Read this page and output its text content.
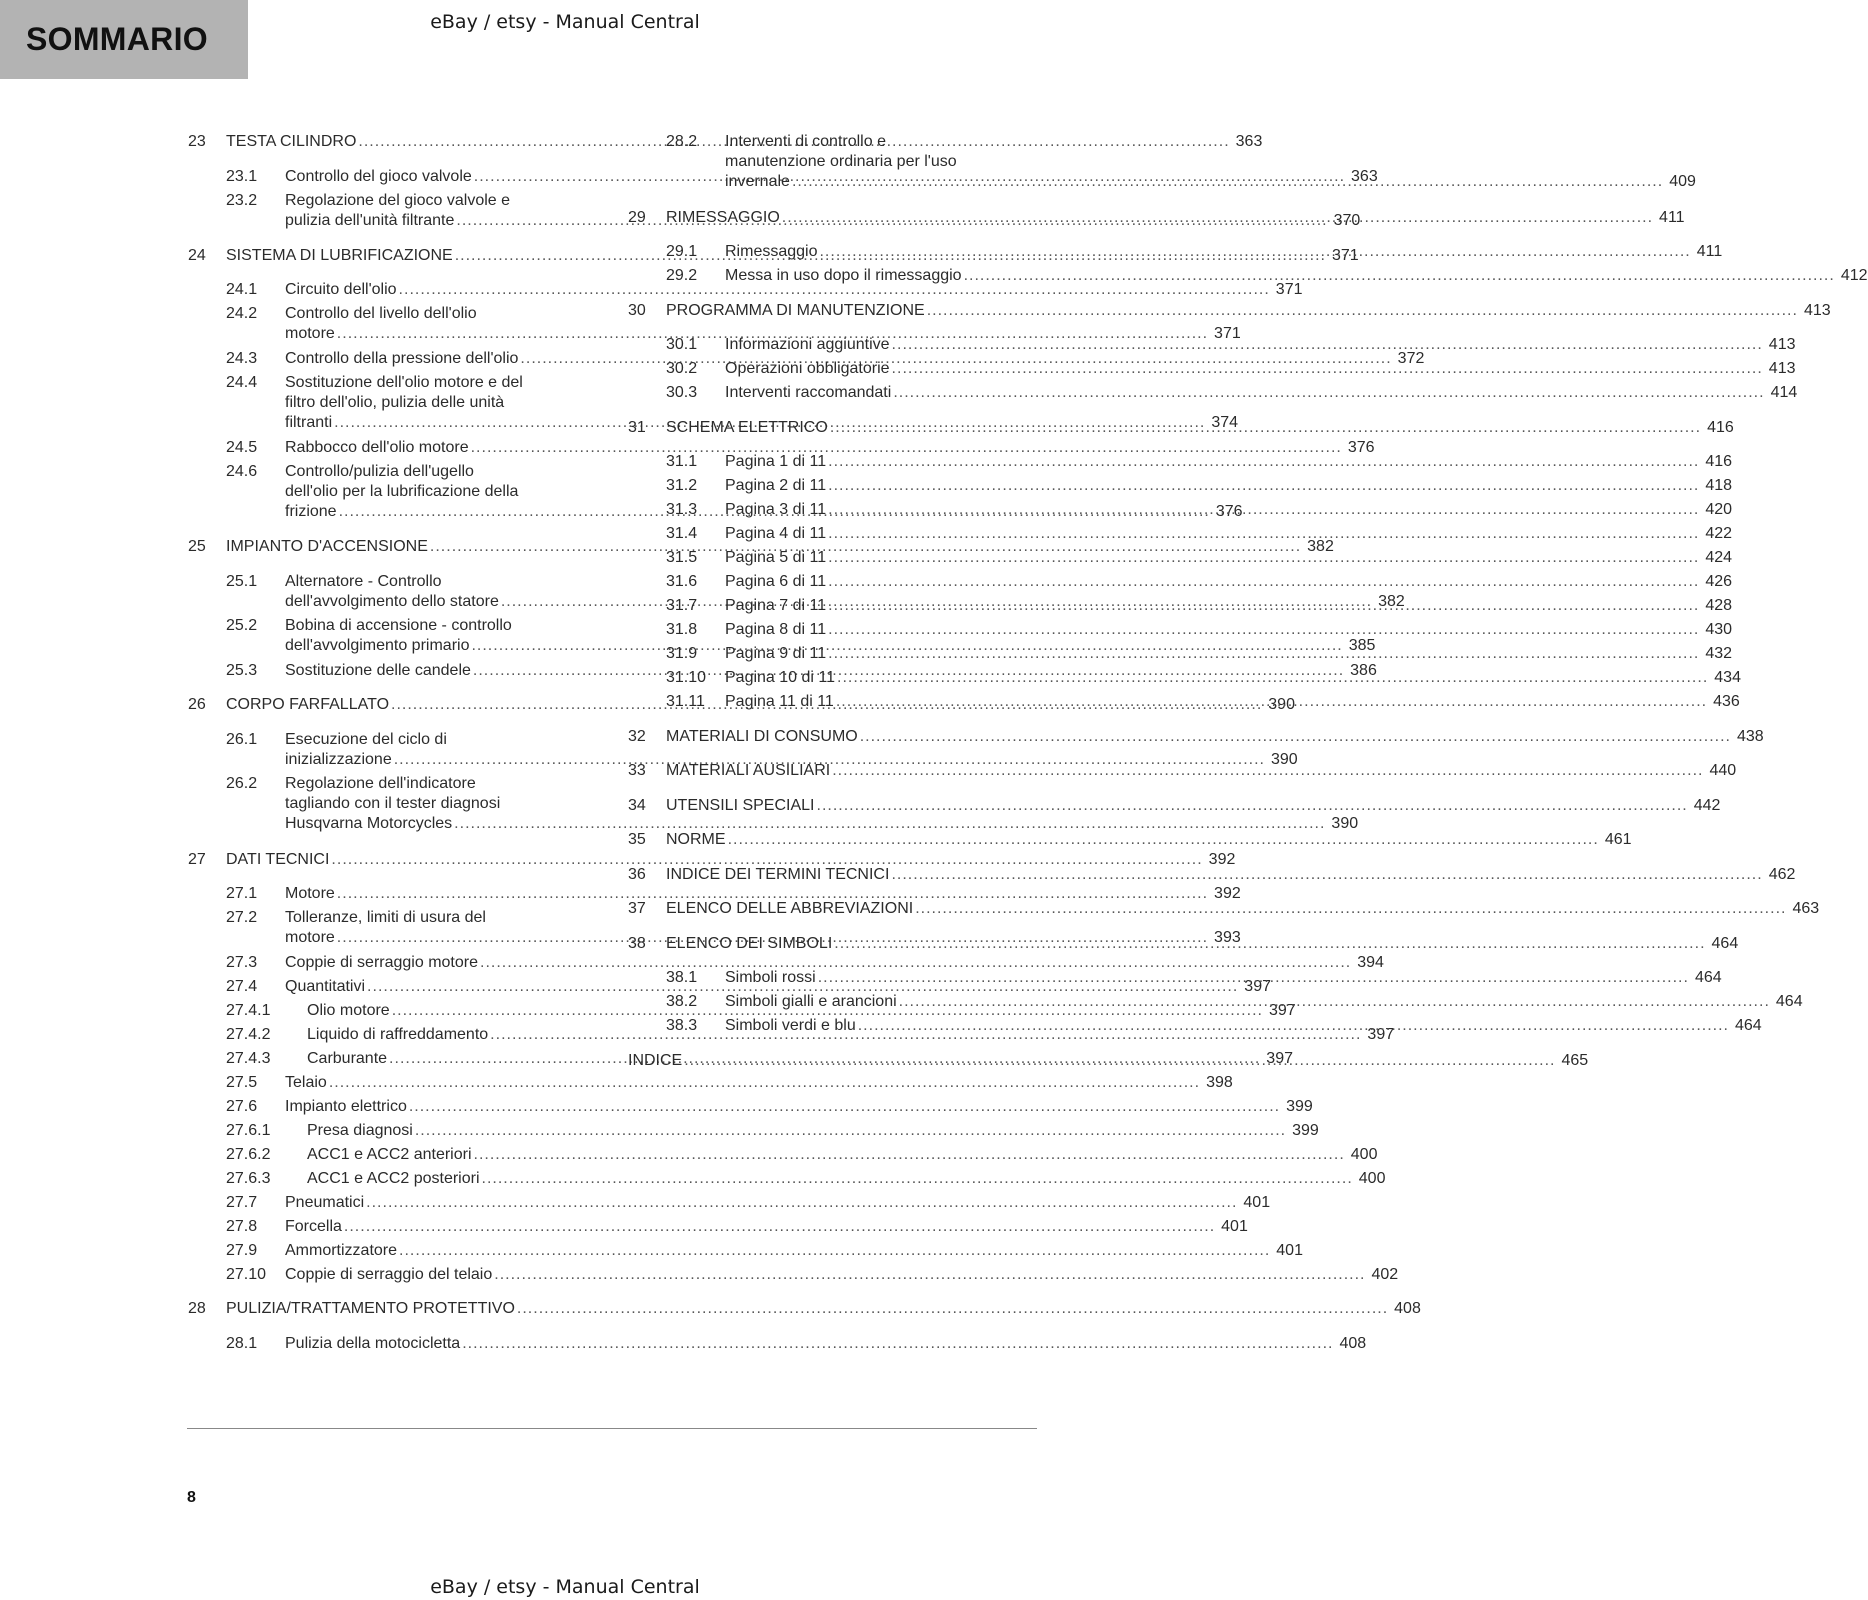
SOMMARIO	eBay / etsy - Manual Central
23	TESTA CILINDRO .....	363
23.1	Controllo del gioco valvole .....	363
23.2	Regolazione del gioco valvole e
pulizia dell'unità filtrante .....	370
24	SISTEMA DI LUBRIFICAZIONE .....	371
24.1	Circuito dell'olio .....	371
24.2	Controllo del livello dell'olio
motore .....	371
24.3	Controllo della pressione dell'olio .....	372
24.4	Sostituzione dell'olio motore e del
filtro dell'olio, pulizia delle unità
filtranti .....	374
24.5	Rabbocco dell'olio motore .....	376
24.6	Controllo/pulizia dell'ugello
dell'olio per la lubrificazione della
frizione .....	376
25	IMPIANTO D'ACCENSIONE .....	382
25.1	Alternatore - Controllo
dell'avvolgimento dello statore .....	382
25.2	Bobina di accensione - controllo
dell'avvolgimento primario .....	385
25.3	Sostituzione delle candele .....	386
26	CORPO FARFALLATO .....	390
26.1	Esecuzione del ciclo di
inizializzazione .....	390
26.2	Regolazione dell'indicatore
tagliando con il tester diagnosi
Husqvarna Motorcycles .....	390
27	DATI TECNICI .....	392
27.1	Motore .....	392
27.2	Tolleranze, limiti di usura del
motore .....	393
27.3	Coppie di serraggio motore .....	394
27.4	Quantitativi .....	397
27.4.1	Olio motore .....	397
27.4.2	Liquido di raffreddamento .....	397
27.4.3	Carburante .....	397
27.5	Telaio .....	398
27.6	Impianto elettrico .....	399
27.6.1	Presa diagnosi .....	399
27.6.2	ACC1 e ACC2 anteriori .....	400
27.6.3	ACC1 e ACC2 posteriori .....	400
27.7	Pneumatici .....	401
27.8	Forcella .....	401
27.9	Ammortizzatore .....	401
27.10	Coppie di serraggio del telaio .....	402
28	PULIZIA/TRATTAMENTO PROTETTIVO .....	408
28.1	Pulizia della motocicletta .....	408
28.2	Interventi di controllo e
manutenzione ordinaria per l'uso
invernale .....	409
29	RIMESSAGGIO .....	411
29.1	Rimessaggio .....	411
29.2	Messa in uso dopo il rimessaggio .....	412
30	PROGRAMMA DI MANUTENZIONE .....	413
30.1	Informazioni aggiuntive .....	413
30.2	Operazioni obbligatorie .....	413
30.3	Interventi raccomandati .....	414
31	SCHEMA ELETTRICO .....	416
31.1	Pagina 1 di 11 .....	416
31.2	Pagina 2 di 11 .....	418
31.3	Pagina 3 di 11 .....	420
31.4	Pagina 4 di 11 .....	422
31.5	Pagina 5 di 11 .....	424
31.6	Pagina 6 di 11 .....	426
31.7	Pagina 7 di 11 .....	428
31.8	Pagina 8 di 11 .....	430
31.9	Pagina 9 di 11 .....	432
31.10	Pagina 10 di 11 .....	434
31.11	Pagina 11 di 11 .....	436
32	MATERIALI DI CONSUMO .....	438
33	MATERIALI AUSILIARI .....	440
34	UTENSILI SPECIALI .....	442
35	NORME .....	461
36	INDICE DEI TERMINI TECNICI .....	462
37	ELENCO DELLE ABBREVIAZIONI .....	463
38	ELENCO DEI SIMBOLI .....	464
38.1	Simboli rossi .....	464
38.2	Simboli gialli e arancioni .....	464
38.3	Simboli verdi e blu .....	464
INDICE .....	465
8
eBay / etsy - Manual Central
